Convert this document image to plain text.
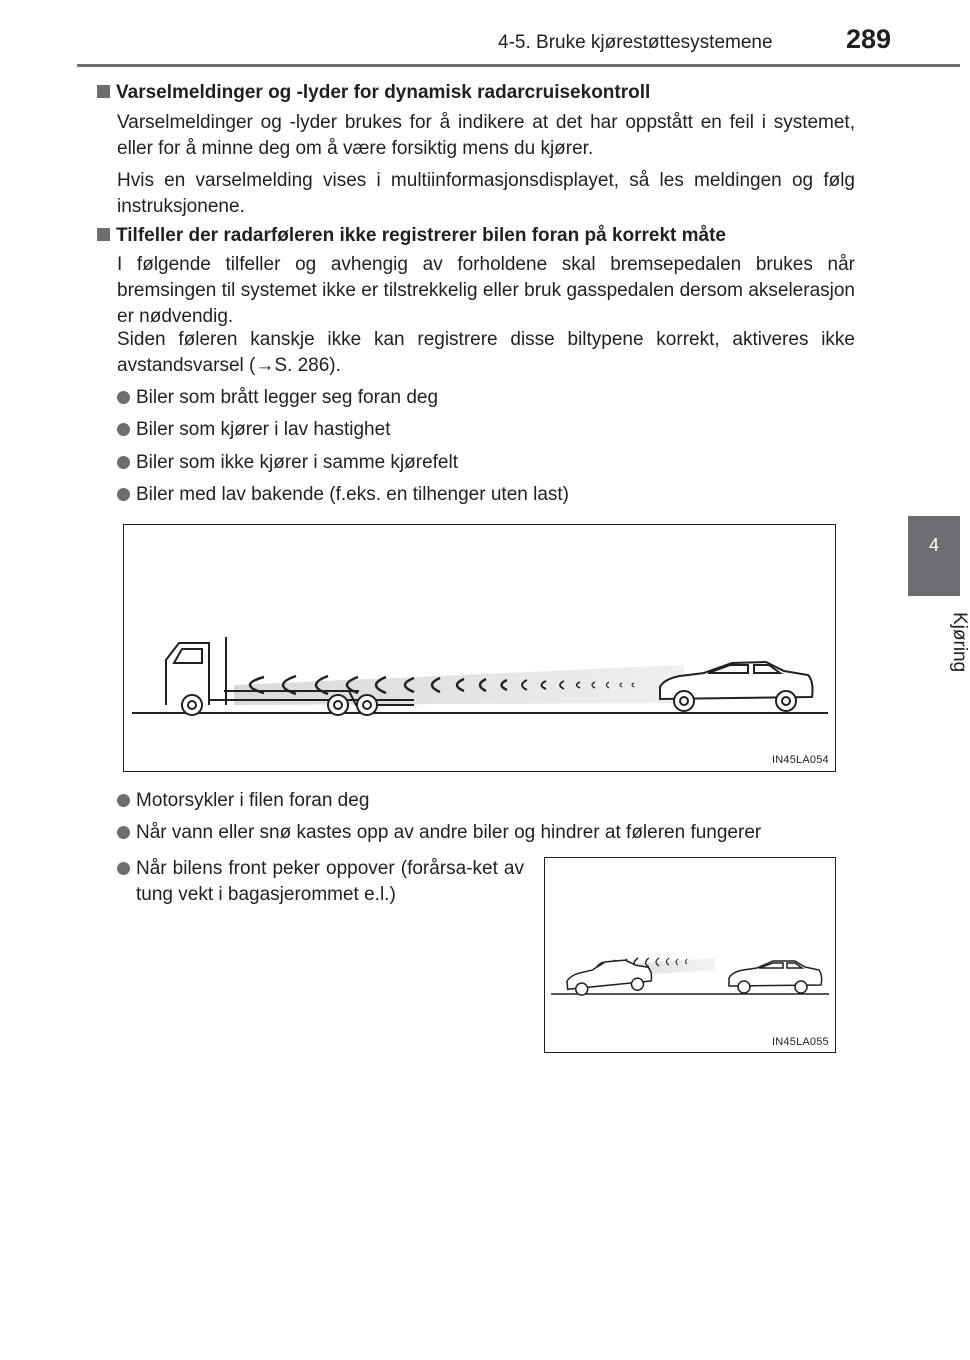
4-5. Bruke kjørestøttesystemene	289
4
Kjøring
Varselmeldinger og -lyder for dynamisk radarcruisekontroll
Varselmeldinger og -lyder brukes for å indikere at det har oppstått en feil i systemet, eller for å minne deg om å være forsiktig mens du kjører.
Hvis en varselmelding vises i multiinformasjonsdisplayet, så les meldingen og følg instruksjonene.
Tilfeller der radarføleren ikke registrerer bilen foran på korrekt måte
I følgende tilfeller og avhengig av forholdene skal bremsepedalen brukes når bremsingen til systemet ikke er tilstrekkelig eller bruk gasspedalen dersom akselerasjon er nødvendig.
Siden føleren kanskje ikke kan registrere disse biltypene korrekt, aktiveres ikke avstandsvarsel (→S. 286).
Biler som brått legger seg foran deg
Biler som kjører i lav hastighet
Biler som ikke kjører i samme kjørefelt
Biler med lav bakende (f.eks. en tilhenger uten last)
IN45LA054
Motorsykler i filen foran deg
Når vann eller snø kastes opp av andre biler og hindrer at føleren fungerer
Når bilens front peker oppover (forårsa-ket av tung vekt i bagasjerommet e.l.)
IN45LA055
